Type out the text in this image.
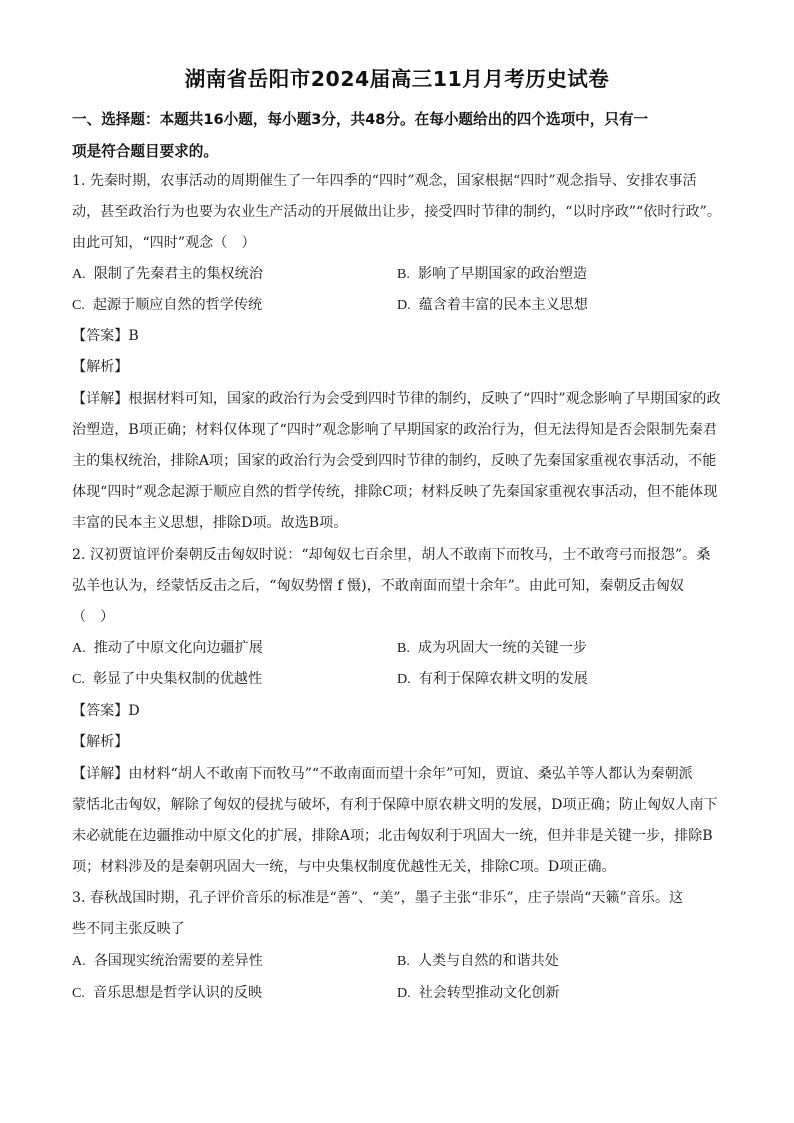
湖南省岳阳市2024届高三11月月考历史试卷
一、选择题：本题共16小题，每小题3分，共48分。在每小题给出的四个选项中，只有一
项是符合题目要求的。
1. 先秦时期，农事活动的周期催生了一年四季的“四时”观念，国家根据“四时”观念指导、安排农事活
动，甚至政治行为也要为农业生产活动的开展做出让步，接受四时节律的制约，“以时序政”“依时行政”。
由此可知，“四时”观念（　）
A. 限制了先秦君主的集权统治	B. 影响了早期国家的政治塑造
C. 起源于顺应自然的哲学传统	D. 蕴含着丰富的民本主义思想
【答案】B
【解析】
【详解】根据材料可知，国家的政治行为会受到四时节律的制约，反映了“四时”观念影响了早期国家的政
治塑造，B项正确；材料仅体现了“四时”观念影响了早期国家的政治行为，但无法得知是否会限制先秦君
主的集权统治，排除A项；国家的政治行为会受到四时节律的制约，反映了先秦国家重视农事活动，不能
体现“四时”观念起源于顺应自然的哲学传统，排除C项；材料反映了先秦国家重视农事活动，但不能体现
丰富的民本主义思想，排除D项。故选B项。
2. 汉初贾谊评价秦朝反击匈奴时说：“却匈奴七百余里，胡人不敢南下而牧马，士不敢弯弓而报怨”。桑
弘羊也认为，经蒙恬反击之后，“匈奴势慴 f 慑)，不敢南面而望十余年”。由此可知，秦朝反击匈奴
（　）
A. 推动了中原文化向边疆扩展	B. 成为巩固大一统的关键一步
C. 彰显了中央集权制的优越性	D. 有利于保障农耕文明的发展
【答案】D
【解析】
【详解】由材料“胡人不敢南下而牧马”“不敢南面而望十余年”可知，贾谊、桑弘羊等人都认为秦朝派
蒙恬北击匈奴，解除了匈奴的侵扰与破坏，有利于保障中原农耕文明的发展，D项正确；防止匈奴人南下
未必就能在边疆推动中原文化的扩展，排除A项；北击匈奴利于巩固大一统，但并非是关键一步，排除B
项；材料涉及的是秦朝巩固大一统，与中央集权制度优越性无关，排除C项。D项正确。
3. 春秋战国时期，孔子评价音乐的标准是“善”、“美”，墨子主张“非乐”，庄子崇尚“天籁”音乐。这
些不同主张反映了
A. 各国现实统治需要的差异性	B. 人类与自然的和谐共处
C. 音乐思想是哲学认识的反映	D. 社会转型推动文化创新
